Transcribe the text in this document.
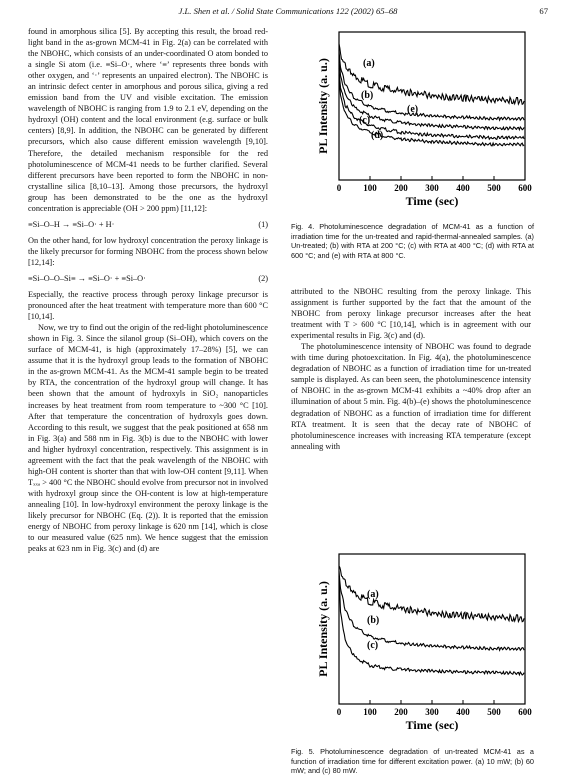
J.L. Shen et al. / Solid State Communications 122 (2002) 65–68	67

found in amorphous silica [5]. By accepting this result, the broad red-light band in the as-grown MCM-41 in Fig. 2(a) can be correlated with the NBOHC, which consists of an under-coordinated O atom bonded to a single Si atom (i.e. ≡Si–O·, where ‘≡’ represents three bonds with other oxygen, and ‘·’ represents an unpaired electron). The NBOHC is an intrinsic defect center in amorphous and porous silica, giving a red emission band from the UV and visible excitation. The emission wavelength of NBOHC is ranging from 1.9 to 2.1 eV, depending on the hydroxyl (OH) content and the local environment (e.g. surface or bulk centers) [8,9]. In addition, the NBOHC can be generated by different precursors, which also cause different emission wavelength [9,10]. Therefore, the detailed mechanism responsible for the red photoluminescence of MCM-41 needs to be further clarified. Several different precursors have been reported to form the NBOHC in non-crystalline silica [8,10–13]. Among those precursors, the hydroxyl group has been demonstrated to be the one as the hydroxyl concentration is appreciable (OH > 200 ppm) [11,12]:

≡Si–O–H → ≡Si–O· + H·	(1)

On the other hand, for low hydroxyl concentration the peroxy linkage is the likely precursor for forming NBOHC from the process shown below [12,14]:

≡Si–O–O–Si≡ → ≡Si–O· + ≡Si–O·	(2)

Especially, the reactive process through peroxy linkage precursor is pronounced after the heat treatment with temperature more than 600 °C [10,14].

Now, we try to find out the origin of the red-light photoluminescence shown in Fig. 3. Since the silanol group (Si–OH), which covers on the surface of MCM-41, is high (approximately 17–28%) [5], we can assume that it is the hydroxyl group leads to the formation of NBOHC in the as-grown MCM-41. As the MCM-41 sample begin to be treated by RTA, the concentration of the hydroxyl group will change. It has been shown that the amount of hydroxyls in SiO₂ nanoparticles increases by heat treatment from room temperature to ~300 °C [10]. After that temperature the concentration of hydroxyls goes down. According to this result, we suggest that the peak positioned at 658 nm in Fig. 3(a) and 588 nm in Fig. 3(b) is due to the NBOHC with lower and higher hydroxyl concentration, respectively. This assignment is in agreement with the fact that the peak wavelength of the NBOHC with high-OH content is shorter than that with low-OH content [9,11]. When Tₓₓₐ > 400 °C the NBOHC should evolve from precursor not in involved with hydroxyl group since the OH-content is low at high-temperature annealing [10]. In low-hydroxyl environment the peroxy linkage is the likely precursor for NBOHC (Eq. (2)). It is reported that the emission energy of NBOHC from peroxy linkage is 620 nm [14], which is close to our measured value (625 nm). We hence suggest that the emission peaks at 623 nm in Fig. 3(c) and (d) are

0 100 200 300 400 500 600
Time (sec)
PL Intensity (a. u.)	(a)
(b)
(e)
(c)
(d)
Fig. 4. Photoluminescence degradation of MCM-41 as a function of irradiation time for the un-treated and rapid-thermal-annealed samples. (a) Un-treated; (b) with RTA at 200 °C; (c) with RTA at 400 °C; (d) with RTA at 600 °C; and (e) with RTA at 800 °C.

attributed to the NBOHC resulting from the peroxy linkage. This assignment is further supported by the fact that the amount of the NBOHC from peroxy linkage precursor increases after the heat treatment with T > 600 °C [10,14], which is in agreement with our experimental results in Fig. 3(c) and (d).

The photoluminescence intensity of NBOHC was found to degrade with time during photoexcitation. In Fig. 4(a), the photoluminescence degradation of NBOHC as a function of irradiation time for un-treated sample is displayed. As can been seen, the photoluminescence intensity of NBOHC in the as-grown MCM-41 exhibits a ~40% drop after an illumination of about 5 min. Fig. 4(b)–(e) shows the photoluminescence degradation of NBOHC as a function of irradiation time for different RTA treatment. It is seen that the decay rate of NBOHC of photoluminescence increases with increasing RTA temperature (except annealing with

0 100 200 300 400 500 600
Time (sec)
PL Intensity (a. u.)	(a)
(b)
(c)
Fig. 5. Photoluminescence degradation of un-treated MCM-41 as a function of irradiation time for different excitation power. (a) 10 mW; (b) 60 mW; and (c) 80 mW.
